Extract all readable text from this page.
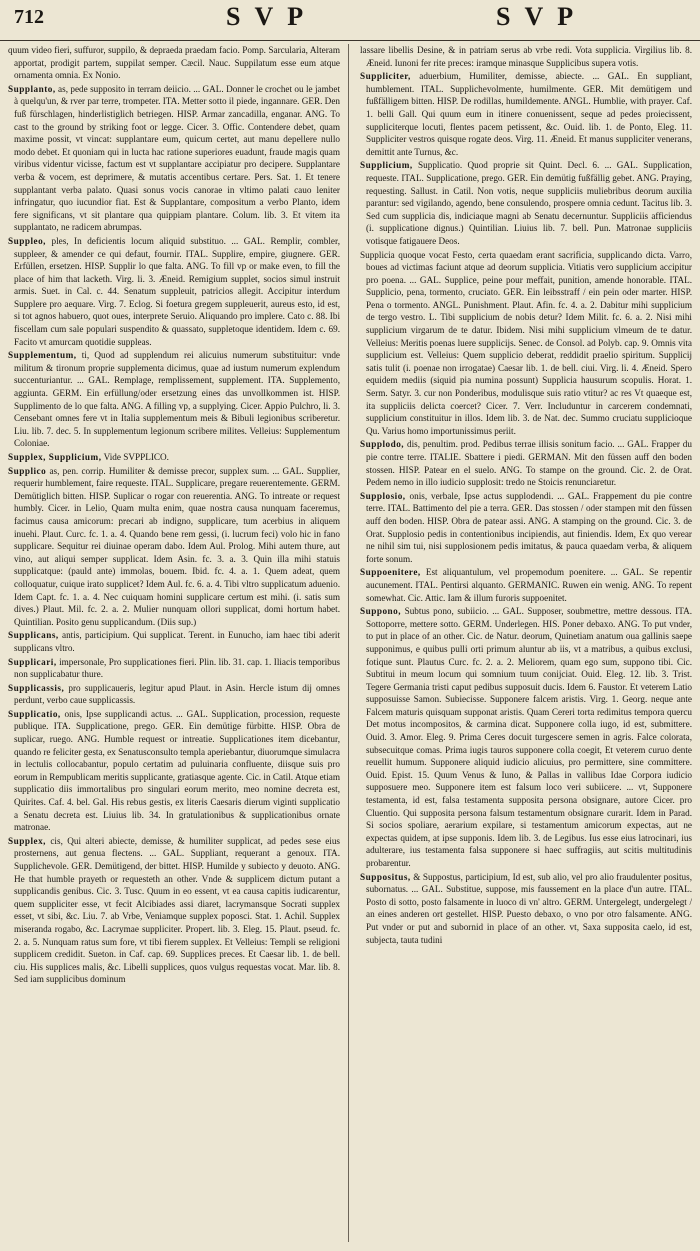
712	S V P	S V P

quum video fieri, suffuror, suppilo, & depraeda praedam facio. Pomp. Sarcularia, Alteram apportat, prodigit partem, suppilat semper. Cæcil. Nauc. Suppilatum esse eum atque ornamenta omnia. Ex Nonio.

Supplanto, as, pede supposito in terram deiicio. ... GAL. Donner le crochet ou le jambet à quelqu'un, & rver par terre, trompeter. ITA. Metter sotto il piede, ingannare. GER. Den fuß fürschlagen, hinderlistiglich betriegen. HISP. Armar zancadilla, enganar. ANG. To cast to the ground by striking foot or legge. Cicer. 3. Offic. Contendere debet, quam maxime possit, vt vincat: supplantare eum, quicum certet, aut manu depellere nullo modo debet. Et quoniam qui in lucta hac ratione superiores euadunt, fraude magis quam viribus videntur vicisse, factum est vt supplantare accipiatur pro decipere. Supplantare verba & vocem, est deprimere, & mutatis accentibus certare. Pers. Sat. 1. Et tenere supplantant verba palato. Quasi sonus vocis canorae in vltimo palati cauo leniter infringatur, quo iucundior fiat. Est & Supplantare, compositum a verbo Planto, idem fere significans, vt sit plantare qua quippiam plantare. Colum. lib. 3. Et vitem ita supplantato, ne radicem abrumpas.

Suppleo, ples, In deficientis locum aliquid substituo. ... GAL. Remplir, combler, suppleer, & amender ce qui defaut, fournir. ITAL. Supplire, empire, giugnere. GER. Erfüllen, ersetzen. HISP. Supplir lo que falta. ANG. To fill vp or make even, to fill the place of him that lacketh. Virg. li. 3. Æneid. Remigium supplet, socios simul instruit armis. Suet. in Cal. c. 44. Senatum suppleuit, patricios allegit. Accipitur interdum Supplere pro aequare. Virg. 7. Eclog. Si foetura gregem suppleuerit, aureus esto, id est, si tot agnos habuero, quot oues, interprete Seruio. Aliquando pro implere. Cato c. 88. Ibi fiscellam cum sale populari suspendito & quassato, suppletoque identidem. Idem c. 69. Facito vt amurcam quotidie suppleas.

Supplementum, ti, Quod ad supplendum rei alicuius numerum substituitur: vnde militum & tironum proprie supplementa dicimus, quae ad iustum numerum explendum succenturiantur. ... GAL. Remplage, remplissement, supplement. ITA. Supplemento, aggiunta. GERM. Ein erfüllung/oder ersetzung eines das unvollkommen ist. HISP. Supplimento de lo que falta. ANG. A filling vp, a supplying. Cicer. Appio Pulchro, li. 3. Censebant omnes fere vt in Italia supplementum meis & Bibuli legionibus scriberetur. Liu. lib. 7. dec. 5. In supplementum legionum scribere milites. Velleius: Supplementum Coloniae.

Supplex, Supplicium, Vide SVPPLICO.

Supplico as, pen. corrip. Humiliter & demisse precor, supplex sum. ... GAL. Supplier, requerir humblement, faire requeste. ITAL. Supplicare, pregare reuerentemente. GERM. Demütiglich bitten. HISP. Suplicar o rogar con reuerentia. ANG. To intreate or request humbly. Cicer. in Lelio, Quam multa enim, quae nostra causa nunquam faceremus, facimus causa amicorum: precari ab indigno, supplicare, tum acerbius in aliquem inuehi. Plaut. Curc. fc. 1. a. 4. Quando bene rem gessi, (i. lucrum feci) volo hic in fano supplicare. Sequitur rei diuinae operam dabo. Idem Aul. Prolog. Mihi autem thure, aut vino, aut aliqui semper supplicat. Idem Asin. fc. 3. a. 3. Quin illa mihi statuis supplicatque: (pauld ante) immolas, bouem. Ibid. fc. 4. a. 1. Quem adeat, quem colloquatur, cuique irato supplicet? Idem Aul. fc. 6. a. 4. Tibi vltro supplicatum aduenio. Idem Capt. fc. 1. a. 4. Nec cuiquam homini supplicare certum est mihi. (i. satis sum dives.) Plaut. Mil. fc. 2. a. 2. Mulier nunquam ollori supplicat, domi hortum habet. Quintilian. Posito genu supplicandum. (Diis sup.)

Supplicans, antis, participium. Qui supplicat. Terent. in Eunucho, iam haec tibi aderit supplicans vltro.

Supplicari, impersonale, Pro supplicationes fieri. Plin. lib. 31. cap. 1. Iliacis temporibus non supplicabatur thure.

Supplicassis, pro supplicaueris, legitur apud Plaut. in Asin. Hercle istum dij omnes perdunt, verbo caue supplicassis.

Supplicatio, onis, Ipse supplicandi actus. ... GAL. Supplication, procession, requeste publique. ITA. Supplicatione, prego. GER. Ein demütige fürbitte. HISP. Obra de suplicar, ruego. ANG. Humble request or intreatie. Supplicationes item dicebantur, quando re feliciter gesta, ex Senatusconsulto templa aperiebantur, diuorumque simulacra in lectulis collocabantur, populo certatim ad puluinaria confluente, diisque suis pro eorum in Rempublicam meritis supplicante, gratiasque agente. Cic. in Catil. Atque etiam supplicatio diis immortalibus pro singulari eorum merito, meo nomine decreta est, Quirites. Caf. 4. bel. Gal. His rebus gestis, ex literis Caesaris dierum viginti supplicatio a Senatu decreta est. Liuius lib. 34. In gratulationibus & supplicationibus ornate matronae.

Supplex, cis, Qui alteri abiecte, demisse, & humiliter supplicat, ad pedes sese eius prosternens, aut genua flectens. ... GAL. Suppliant, requerant a genoux. ITA. Supplichevole. GER. Demütigend, der bittet. HISP. Humilde y subiecto y deuoto. ANG. He that humble prayeth or requesteth an other. Vnde & supplicem dictum putant a supplicandis genibus. Cic. 3. Tusc. Quum in eo essent, vt ea causa capitis iudicarentur, quem suppliciter esse, vt fecit Alcibiades assi diaret, lacrymansque Socrati supplex esset, vt sibi, &c. Liu. 7. ab Vrbe, Veniamque supplex poposci. Stat. 1. Achil. Supplex miseranda rogabo, &c. Lacrymae suppliciter. Propert. lib. 3. Eleg. 15. Plaut. pseud. fc. 2. a. 5. Nunquam ratus sum fore, vt tibi fierem supplex. Et Velleius: Templi se religioni supplicem credidit. Sueton. in Caf. cap. 69. Supplices preces. Et Caesar lib. 1. de bell. ciu. His supplices malis, &c. Libelli supplices, quos vulgus requestas vocat. Mar. lib. 8. Sed iam supplicibus dominum

lassare libellis Desine, & in patriam serus ab vrbe redi. Vota supplicia. Virgilius lib. 8. Æneid. Iunoni fer rite preces: iramque minasque Supplicibus supera votis.

Suppliciter, aduerbium, Humiliter, demisse, abiecte. ... GAL. En suppliant, humblement. ITAL. Supplichevolmente, humilmente. GER. Mit demütigem und fußfälligem bitten. HISP. De rodillas, humildemente. ANGL. Humblie, with prayer. Caf. 1. belli Gall. Qui quum eum in itinere conuenissent, seque ad pedes proiecissent, suppliciterque locuti, flentes pacem petissent, &c. Ouid. lib. 1. de Ponto, Eleg. 11. Suppliciter vestros quisque rogate deos. Virg. 11. Æneid. Et manus suppliciter venerans, demittit ante Turnus, &c.

Supplicium, Supplicatio. Quod proprie sit Quint. Decl. 6. ... GAL. Supplication, requeste. ITAL. Supplicatione, prego. GER. Ein demütig fußfällig gebet. ANG. Praying, requesting. Sallust. in Catil. Non votis, neque suppliciis muliebribus deorum auxilia parantur: sed vigilando, agendo, bene consulendo, prospere omnia cedunt. Tacitus lib. 3. Sed cum supplicia dis, indiciaque magni ab Senatu decernuntur. Suppliciis afficiendus (i. supplicatione dignus.) Quintilian. Liuius lib. 7. bell. Pun. Matronae suppliciis votisque fatigauere Deos.

Supplicia quoque vocat Festo, certa quaedam erant sacrificia, supplicando dicta. Varro, boues ad victimas faciunt atque ad deorum supplicia. Vitiatis vero supplicium accipitur pro poena. ... GAL. Supplice, peine pour meffait, punition, amende honorable. ITAL. Supplicio, pena, tormento, cruciato. GER. Ein leibsstraff / ein pein oder marter. HISP. Pena o tormento. ANGL. Punishment. Plaut. Afin. fc. 4. a. 2. Dabitur mihi supplicium de tergo vestro. L. Tibi supplicium de nobis detur? Idem Milit. fc. 6. a. 2. Nisi mihi supplicium virgarum de te datur. Ibidem. Nisi mihi supplicium vlmeum de te datur. Velleius: Meritis poenas luere supplicijs. Senec. de Consol. ad Polyb. cap. 9. Omnis vita supplicium est. Velleius: Quem supplicio deberat, reddidit praelio spiritum. Supplicij satis tulit (i. poenae non irrogatae) Caesar lib. 1. de bell. ciui. Virg. li. 4. Æneid. Spero equidem mediis (siquid pia numina possunt) Supplicia hausurum scopulis. Horat. 1. Serm. Satyr. 3. cur non Ponderibus, modulisque suis ratio vtitur? ac res Vt quaeque est, ita suppliciis delicta coercet? Cicer. 7. Verr. Includuntur in carcerem condemnati, supplicium constituitur in illos. Idem lib. 3. de Nat. dec. Summo cruciatu supplicioque Qu. Varius homo importunissimus periit.

Supplodo, dis, penultim. prod. Pedibus terrae illisis sonitum facio. ... GAL. Frapper du pie contre terre. ITALIE. Sbattere i piedi. GERMAN. Mit den füssen auff den boden stossen. HISP. Patear en el suelo. ANG. To stampe on the ground. Cic. 2. de Orat. Pedem nemo in illo iudicio supplosit: tredo ne Stoicis renunciaretur.

Supplosio, onis, verbale, Ipse actus supplodendi. ... GAL. Frappement du pie contre terre. ITAL. Battimento del pie a terra. GER. Das stossen / oder stampen mit den füssen auff den boden. HISP. Obra de patear assi. ANG. A stamping on the ground. Cic. 3. de Orat. Supplosio pedis in contentionibus incipiendis, aut finiendis. Idem, Ex quo verear ne nihil sim tui, nisi supplosionem pedis imitatus, & pauca quaedam verba, & aliquem forte sonum.

Suppoenitere, Est aliquantulum, vel propemodum poenitere. ... GAL. Se repentir aucunement. ITAL. Pentirsi alquanto. GERMANIC. Ruwen ein wenig. ANG. To repent somewhat. Cic. Attic. Iam & illum furoris suppoenitet.

Suppono, Subtus pono, subiicio. ... GAL. Supposer, soubmettre, mettre dessous. ITA. Sottoporre, mettere sotto. GERM. Underlegen. HIS. Poner debaxo. ANG. To put vnder, to put in place of an other. Cic. de Natur. deorum, Quinetiam anatum oua gallinis saepe supponimus, e quibus pulli orti primum aluntur ab iis, vt a matribus, a quibus exclusi, fotique sunt. Plautus Curc. fc. 2. a. 2. Meliorem, quam ego sum, suppono tibi. Cic. Subtitui in meum locum qui somnium tuum conijciat. Ouid. Eleg. 12. lib. 3. Trist. Tegere Germania tristi caput pedibus supposuit ducis. Idem 6. Faustor. Et veterem Latio supposuisse Samon. Subiecisse. Supponere falcem aristis. Virg. 1. Georg. neque ante Falcem maturis quisquam supponat aristis. Quam Cereri torta redimitus tempora quercu Det motus incompositos, & carmina dicat. Supponere colla iugo, id est, submittere. Ouid. 3. Amor. Eleg. 9. Prima Ceres docuit turgescere semen in agris. Falce colorata, subsecuitque comas. Prima iugis tauros supponere colla coegit, Et veterem curuo dente reuellit humum. Supponere aliquid iudicio alicuius, pro permittere, sine committere. Ouid. Epist. 15. Quum Venus & Iuno, & Pallas in vallibus Idae Corpora iudicio supposuere meo. Supponere item est falsum loco veri subiicere. ... vt, Supponere testamenta, id est, falsa testamenta supposita persona obsignare, autore Cicer. pro Cluentio. Qui supposita persona falsum testamentum obsignare curarit. Idem in Parad. Si socios spoliare, aerarium expilare, si testamentum amicorum expectas, aut ne expectas quidem, at ipse supponis. Idem lib. 3. de Legibus. Ius esse eius latrocinari, ius adulterare, ius testamenta falsa supponere si haec suffragiis, aut scitis multitudinis probarentur.

Suppositus, & Suppostus, participium, Id est, sub alio, vel pro alio fraudulenter positus, subornatus. ... GAL. Substitue, suppose, mis faussement en la place d'un autre. ITAL. Posto di sotto, posto falsamente in luoco di vn' altro. GERM. Untergelegt, undergelegt / an eines anderen ort gestellet. HISP. Puesto debaxo, o vno por otro falsamente. ANG. Put vnder or put and subornid in place of an other. vt, Saxa supposita caelo, id est, subjecta, tauta tudini
